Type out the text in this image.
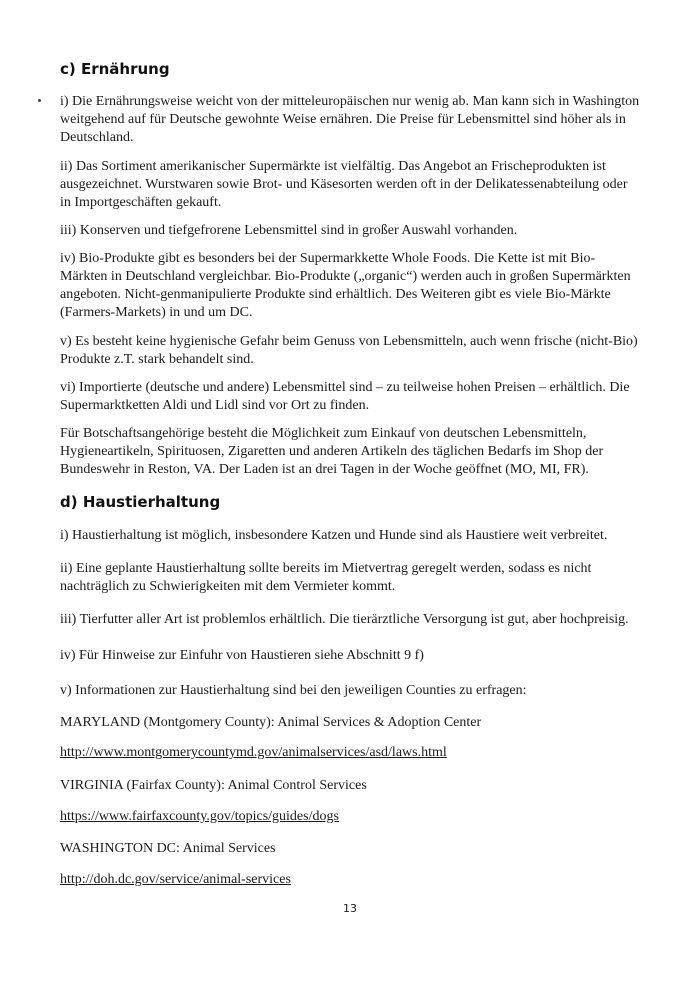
c) Ernährung

i) Die Ernährungsweise weicht von der mitteleuropäischen nur wenig ab. Man kann sich in Washington weitgehend auf für Deutsche gewohnte Weise ernähren. Die Preise für Lebensmittel sind höher als in Deutschland.

ii) Das Sortiment amerikanischer Supermärkte ist vielfältig. Das Angebot an Frischeprodukten ist ausgezeichnet. Wurstwaren sowie Brot- und Käsesorten werden oft in der Delikatessenabteilung oder in Importgeschäften gekauft.

iii) Konserven und tiefgefrorene Lebensmittel sind in großer Auswahl vorhanden.

iv) Bio-Produkte gibt es besonders bei der Supermarkkette Whole Foods. Die Kette ist mit Bio-Märkten in Deutschland vergleichbar. Bio-Produkte („organic“) werden auch in großen Supermärkten angeboten. Nicht-genmanipulierte Produkte sind erhältlich. Des Weiteren gibt es viele Bio-Märkte (Farmers-Markets) in und um DC.

v) Es besteht keine hygienische Gefahr beim Genuss von Lebensmitteln, auch wenn frische (nicht-Bio) Produkte z.T. stark behandelt sind.

vi) Importierte (deutsche und andere) Lebensmittel sind – zu teilweise hohen Preisen – erhältlich. Die Supermarktketten Aldi und Lidl sind vor Ort zu finden.

Für Botschaftsangehörige besteht die Möglichkeit zum Einkauf von deutschen Lebensmitteln, Hygieneartikeln, Spirituosen, Zigaretten und anderen Artikeln des täglichen Bedarfs im Shop der Bundeswehr in Reston, VA. Der Laden ist an drei Tagen in der Woche geöffnet (MO, MI, FR).

d) Haustierhaltung

i) Haustierhaltung ist möglich, insbesondere Katzen und Hunde sind als Haustiere weit verbreitet.

ii) Eine geplante Haustierhaltung sollte bereits im Mietvertrag geregelt werden, sodass es nicht nachträglich zu Schwierigkeiten mit dem Vermieter kommt.

iii) Tierfutter aller Art ist problemlos erhältlich. Die tierärztliche Versorgung ist gut, aber hochpreisig.

iv) Für Hinweise zur Einfuhr von Haustieren siehe Abschnitt 9 f)

v) Informationen zur Haustierhaltung sind bei den jeweiligen Counties zu erfragen:

MARYLAND (Montgomery County): Animal Services & Adoption Center

http://www.montgomerycountymd.gov/animalservices/asd/laws.html

VIRGINIA (Fairfax County): Animal Control Services

https://www.fairfaxcounty.gov/topics/guides/dogs

WASHINGTON DC: Animal Services

http://doh.dc.gov/service/animal-services
13
